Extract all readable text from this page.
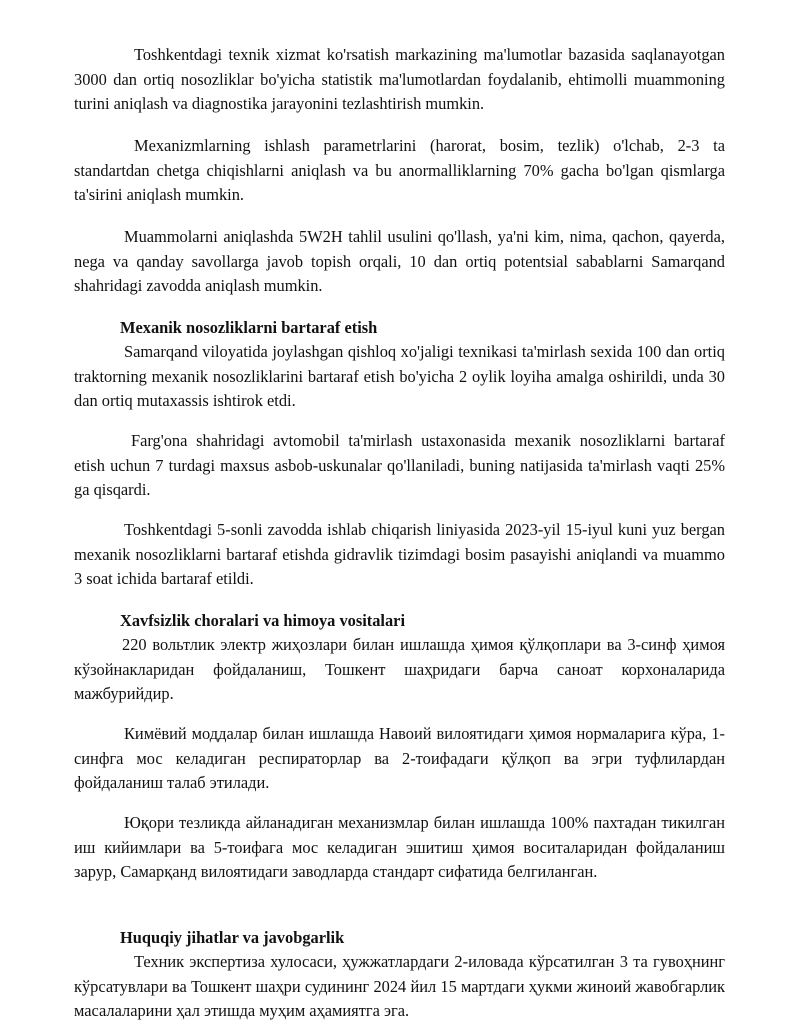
Toshkentdagi texnik xizmat ko'rsatish markazining ma'lumotlar bazasida saqlanayotgan 3000 dan ortiq nosozliklar bo'yicha statistik ma'lumotlardan foydalanib, ehtimolli muammoning turini aniqlash va diagnostika jarayonini tezlashtirish mumkin.

Mexanizmlarning ishlash parametrlarini (harorat, bosim, tezlik) o'lchab, 2-3 ta standartdan chetga chiqishlarni aniqlash va bu anormalliklarning 70% gacha bo'lgan qismlarga ta'sirini aniqlash mumkin.

Muammolarni aniqlashda 5W2H tahlil usulini qo'llash, ya'ni kim, nima, qachon, qayerda, nega va qanday savollarga javob topish orqali, 10 dan ortiq potentsial sabablarni Samarqand shahridagi zavodda aniqlash mumkin.

Mexanik nosozliklarni bartaraf etish

Samarqand viloyatida joylashgan qishloq xo'jaligi texnikasi ta'mirlash sexida 100 dan ortiq traktorning mexanik nosozliklarini bartaraf etish bo'yicha 2 oylik loyiha amalga oshirildi, unda 30 dan ortiq mutaxassis ishtirok etdi.

Farg'ona shahridagi avtomobil ta'mirlash ustaxonasida mexanik nosozliklarni bartaraf etish uchun 7 turdagi maxsus asbob-uskunalar qo'llaniladi, buning natijasida ta'mirlash vaqti 25% ga qisqardi.

Toshkentdagi 5-sonli zavodda ishlab chiqarish liniyasida 2023-yil 15-iyul kuni yuz bergan mexanik nosozliklarni bartaraf etishda gidravlik tizimdagi bosim pasayishi aniqlandi va muammo 3 soat ichida bartaraf etildi.

Xavfsizlik choralari va himoya vositalari

220 вольтлик электр жиҳозлари билан ишлашда ҳимоя қўлқоплари ва 3-синф ҳимоя кўзойнакларидан фойдаланиш, Тошкент шаҳридаги барча саноат корхоналарида мажбурийдир.

Кимёвий моддалар билан ишлашда Навоий вилоятидаги ҳимоя нормаларига кўра, 1-синфга мос келадиган респираторлар ва 2-тоифадаги қўлқоп ва эгри туфлилардан фойдаланиш талаб этилади.

Юқори тезликда айланадиган механизмлар билан ишлашда 100% пахтадан тикилган иш кийимлари ва 5-тоифага мос келадиган эшитиш ҳимоя воситаларидан фойдаланиш зарур, Самарқанд вилоятидаги заводларда стандарт сифатида белгиланган.

Huquqiy jihatlar va javobgarlik

Техник экспертиза хулосаси, ҳужжатлардаги 2-иловада кўрсатилган 3 та гувоҳнинг кўрсатувлари ва Тошкент шаҳри судининг 2024 йил 15 мартдаги ҳукми жиноий жавобгарлик масалаларини ҳал этишда муҳим аҳамиятга эга.
